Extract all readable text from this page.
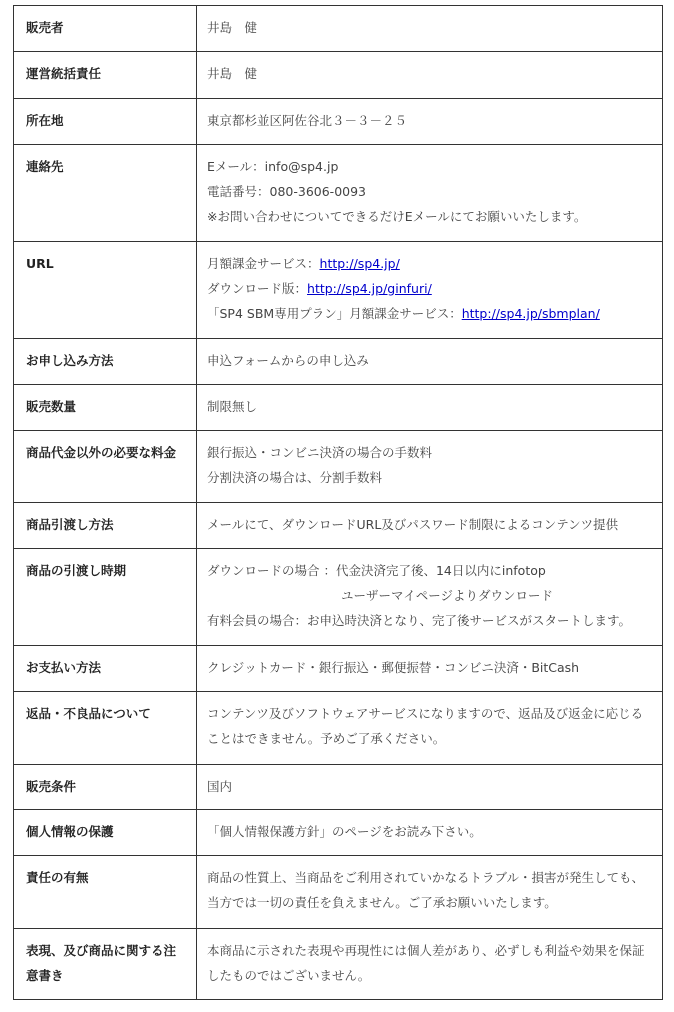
販売者	井島　健

運営統括責任	井島　健

所在地	東京都杉並区阿佐谷北３－３－２５

連絡先	Eメール：info@sp4.jp
電話番号：080-3606-0093
※お問い合わせについてできるだけEメールにてお願いいたします。

URL	月額課金サービス：http://sp4.jp/
ダウンロード版：http://sp4.jp/ginfuri/
「SP4 SBM専用プラン」月額課金サービス：http://sp4.jp/sbmplan/

お申し込み方法	申込フォームからの申し込み

販売数量	制限無し

商品代金以外の必要な料金	銀行振込・コンビニ決済の場合の手数料
分割決済の場合は、分割手数料

商品引渡し方法	メールにて、ダウンロードURL及びパスワード制限によるコンテンツ提供

商品の引渡し時期	ダウンロードの場合 ：代金決済完了後、14日以内にinfotop
ユーザーマイページよりダウンロード
有料会員の場合：お申込時決済となり、完了後サービスがスタートします。

お支払い方法	クレジットカード・銀行振込・郵便振替・コンビニ決済・BitCash

返品・不良品について	コンテンツ及びソフトウェアサービスになりますので、返品及び返金に応じることはできません。予めご了承ください。

販売条件	国内

個人情報の保護	「個人情報保護方針」のページをお読み下さい。

責任の有無	商品の性質上、当商品をご利用されていかなるトラブル・損害が発生しても、当方では一切の責任を負えません。ご了承お願いいたします。

表現、及び商品に関する注意書き	本商品に示された表現や再現性には個人差があり、必ずしも利益や効果を保証したものではございません。
